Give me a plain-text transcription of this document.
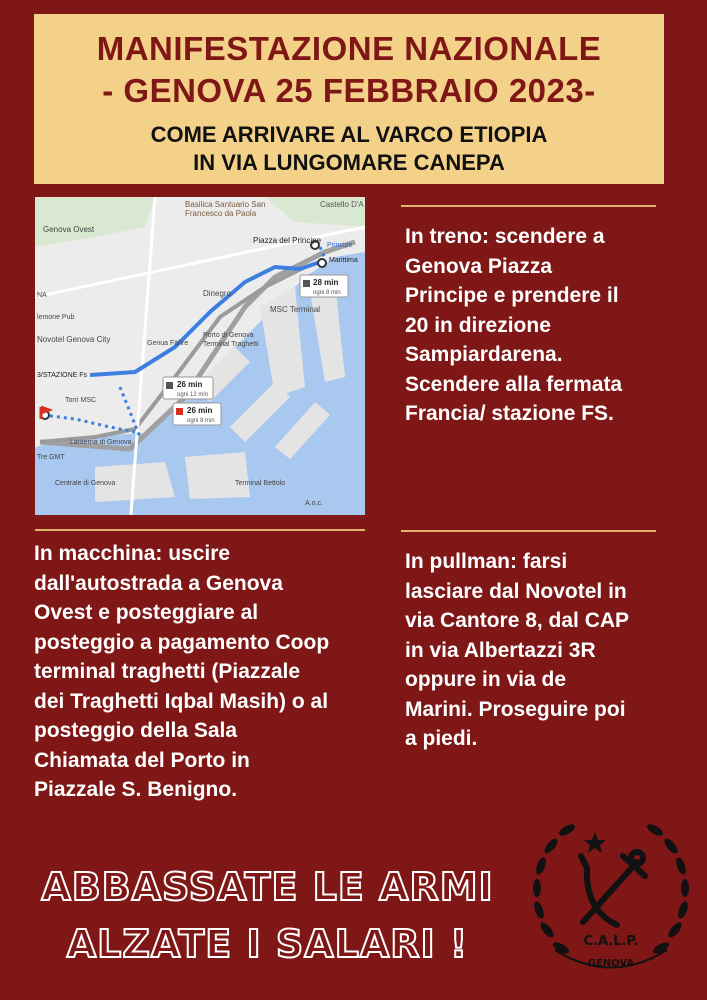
MANIFESTAZIONE NAZIONALE
- GENOVA 25 FEBBRAIO 2023-
COME ARRIVARE AL VARCO ETIOPIA
IN VIA LUNGOMARE CANEPA
Basilica Santuario San
Francesco da Paola
Castello D'A
Genova Ovest
Piazza del Principe
Principe
Marittima
Dinegro
MSC Terminal
lemone Pub
NA
Novotel Genova City	Genua Fähre
Porto di Genova
Terminal Traghetti
3/STAZIONE Fs
Torri MSC
Lanterna di Genova
Tre GMT
Centrale di Genova	Terminal Bettolo
A.o.c.
28 min
ogni 8 min
26 min
ogni 12 min
26 min
ogni 8 min
In treno: scendere a
Genova Piazza
Principe e prendere il
20 in direzione
Sampiardarena.
Scendere alla fermata
Francia/ stazione FS.
In macchina: uscire
dall'autostrada a Genova
Ovest e posteggiare al
posteggio a pagamento Coop
terminal traghetti (Piazzale
dei Traghetti Iqbal Masih) o al
posteggio della Sala
Chiamata del Porto in
Piazzale S. Benigno.
In pullman: farsi
lasciare dal Novotel in
via Cantore 8, dal CAP
in via Albertazzi 3R
oppure in via de
Marini. Proseguire poi
a piedi.
ABBASSATE LE ARMI
ALZATE I SALARI !	C.A.L.P.
GENOVA
